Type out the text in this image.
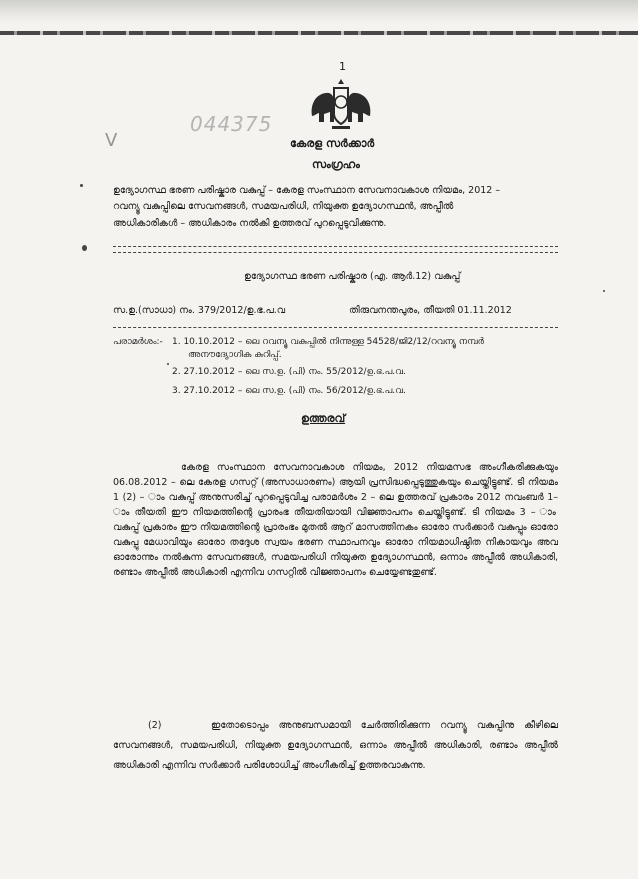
1
044375
V	കേരള സർക്കാർ
സംഗ്രഹം
ഉദ്യോഗസ്ഥ ഭരണ പരിഷ്കാര വകുപ്പ് – കേരള സംസ്ഥാന സേവനാവകാശ നിയമം, 2012 –
റവന്യൂ വകുപ്പിലെ സേവനങ്ങൾ, സമയപരിധി, നിയുക്ത ഉദ്യോഗസ്ഥൻ, അപ്പീൽ
അധികാരികൾ – അധികാരം നൽകി ഉത്തരവ് പുറപ്പെടുവിക്കുന്നു.
ഉദ്യോഗസ്ഥ ഭരണ പരിഷ്കാര (എ. ആർ.12) വകുപ്പ്
സ.ഉ.(സാധാ) നം. 379/2012/ഉ.ഭ.പ.വ	തിരുവനന്തപുരം, തീയതി 01.11.2012
പരാമർശം:- 1. 10.10.2012 – ലെ റവന്യൂ വകുപ്പിൽ നിന്നുള്ള 54528/ജി2/12/റവന്യൂ നമ്പർ
അനൗദ്യോഗിക കുറിപ്പ്.
2. 27.10.2012 – ലെ സ.ഉ. (പി) നം. 55/2012/ഉ.ഭ.പ.വ.
3. 27.10.2012 – ലെ സ.ഉ. (പി) നം. 56/2012/ഉ.ഭ.പ.വ.
ഉത്തരവ്
കേരള സംസ്ഥാന സേവനാവകാശ നിയമം, 2012 നിയമസഭ അംഗീകരിക്കുകയും 06.08.2012 – ലെ കേരള ഗസറ്റ് (അസാധാരണം) ആയി പ്രസിദ്ധപ്പെടുത്തുകയും ചെയ്തിട്ടുണ്ട്. ടി നിയമം 1 (2) – ാം വകുപ്പ് അനുസരിച്ച് പുറപ്പെടുവിച്ച പരാമർശം 2 – ലെ ഉത്തരവ് പ്രകാരം 2012 നവംബർ 1– ാം തീയതി ഈ നിയമത്തിന്റെ പ്രാരംഭ തീയതിയായി വിജ്ഞാപനം ചെയ്തിട്ടുണ്ട്. ടി നിയമം 3 – ാം വകുപ്പ് പ്രകാരം ഈ നിയമത്തിന്റെ പ്രാരംഭം മുതൽ ആറ് മാസത്തിനകം ഓരോ സർക്കാർ വകുപ്പും ഓരോ വകുപ്പു മേധാവിയും ഓരോ തദ്ദേശ സ്വയം ഭരണ സ്ഥാപനവും ഓരോ നിയമാധിഷ്ഠിത നികായവും അവ ഓരോന്നും നൽകുന്ന സേവനങ്ങൾ, സമയപരിധി നിയുക്ത ഉദ്യോഗസ്ഥൻ, ഒന്നാം അപ്പീൽ അധികാരി, രണ്ടാം അപ്പീൽ അധികാരി എന്നിവ ഗസറ്റിൽ വിജ്ഞാപനം ചെയ്യേണ്ടതുണ്ട്.
(2)	ഇതോടൊപ്പം അനുബന്ധമായി ചേർത്തിരിക്കുന്ന റവന്യൂ വകുപ്പിനു കീഴിലെ സേവനങ്ങൾ, സമയപരിധി, നിയുക്ത ഉദ്യോഗസ്ഥൻ, ഒന്നാം അപ്പീൽ അധികാരി, രണ്ടാം അപ്പീൽ അധികാരി എന്നിവ സർക്കാർ പരിശോധിച്ച് അംഗീകരിച്ച് ഉത്തരവാകുന്നു.
